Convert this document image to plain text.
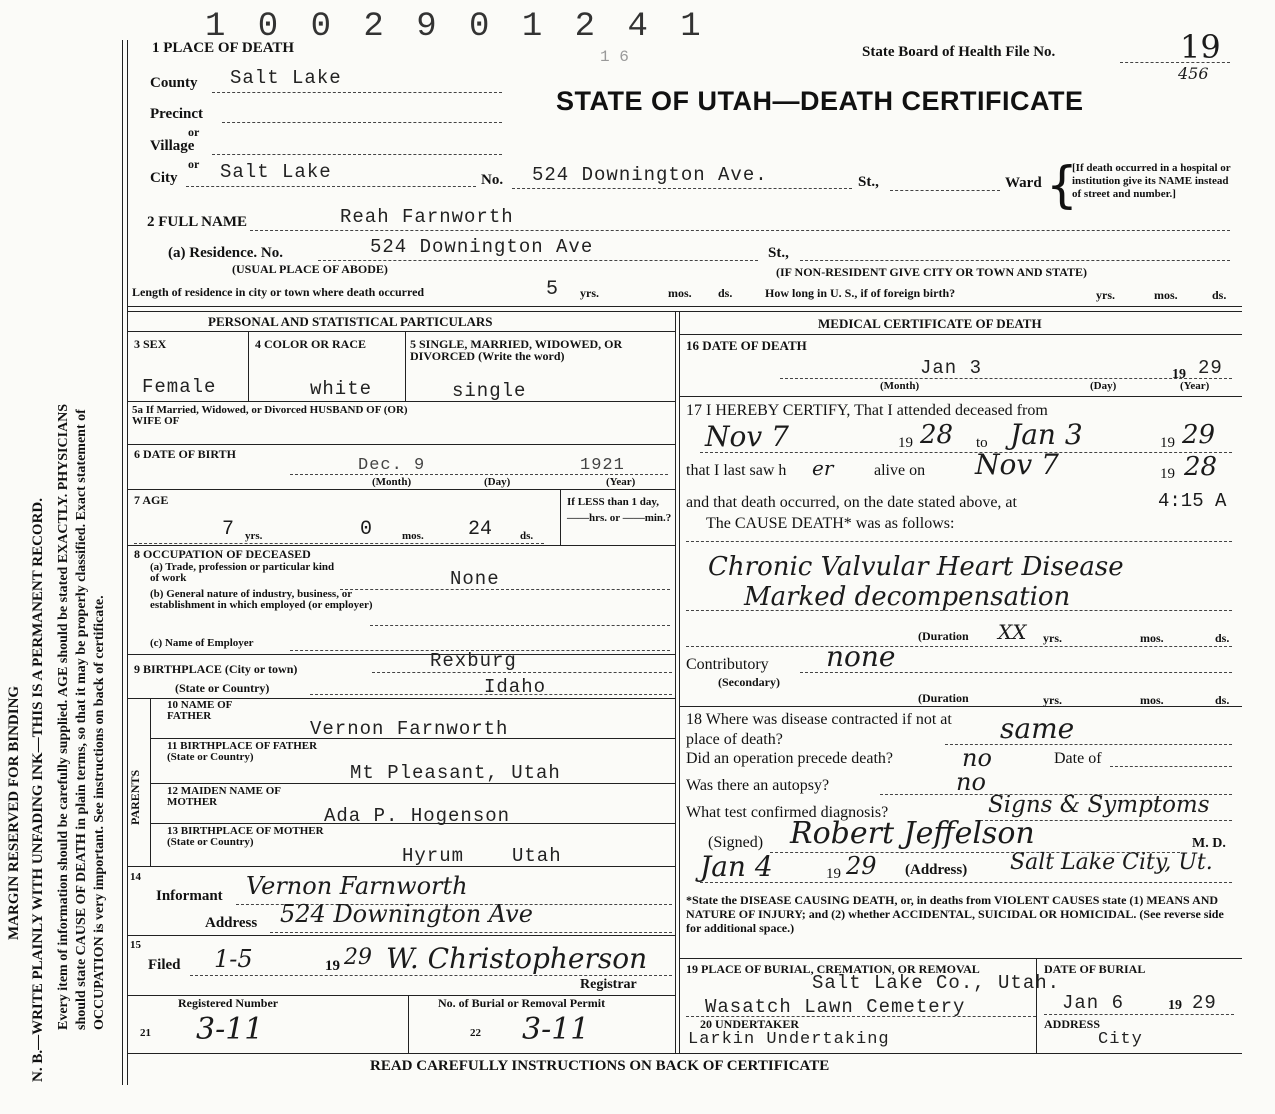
MARGIN RESERVED FOR BINDING N. B.—WRITE PLAINLY WITH UNFADING INK—THIS IS A PERMANENT RECORD. Every item of information should be carefully supplied. AGE should be stated EXACTLY. PHYSICIANS should state CAUSE OF DEATH in plain terms, so that it may be properly classified. Exact statement of OCCUPATION is very important. See instructions on back of certificate.
1 0 0 2 9 0 1 2 4 1
1 6
1 PLACE OF DEATH	State Board of Health File No.	19
456
STATE OF UTAH—DEATH CERTIFICATE
County Salt Lake
Precinct
or
Village
or
City Salt Lake	No. 524 Downington Ave.	St.,	Ward {
[If death occurred in a hospital or institution give its NAME instead of street and number.]
2 FULL NAME	Reah Farnworth
(a) Residence. No.	524 Downington Ave	St.,
(USUAL PLACE OF ABODE)	(IF NON-RESIDENT GIVE CITY OR TOWN AND STATE)
Length of residence in city or town where death occurred	5 yrs.	mos. ds.	How long in U. S., if of foreign birth?	yrs.	mos.	ds.
PERSONAL AND STATISTICAL PARTICULARS	MEDICAL CERTIFICATE OF DEATH
3 SEX	4 COLOR OR RACE	5 SINGLE, MARRIED, WIDOWED, OR DIVORCED (Write the word)
Female	white	single
5a If Married, Widowed, or Divorced HUSBAND OF (OR) WIFE OF
6 DATE OF BIRTH
Dec. 9	1921
(Month)	(Day)	(Year)
7 AGE
7 yrs.	0	mos. 24	ds.
If LESS than 1 day, ——hrs. or ——min.?
8 OCCUPATION OF DECEASED
(a) Trade, profession or particular kind of work	None
(b) General nature of industry, business, or establishment in which employed (or employer)
(c) Name of Employer
9 BIRTHPLACE (City or town)	Rexburg
(State or Country)	Idaho
PARENTS
10 NAME OF FATHER
Vernon Farnworth
11 BIRTHPLACE OF FATHER (State or Country)
Mt Pleasant, Utah
12 MAIDEN NAME OF MOTHER
Ada P. Hogenson
13 BIRTHPLACE OF MOTHER (State or Country)
Hyrum	Utah
14
Informant Vernon Farnworth
Address 524 Downington Ave
15
Filed 1-5	19 29 W. Christopherson
Registrar
Registered Number	No. of Burial or Removal Permit
21 3-11	22 3-11
16 DATE OF DEATH
Jan 3	19 29
(Month)	(Day)	(Year)
17 I HEREBY CERTIFY, That I attended deceased from
Nov 7	19 28 to Jan 3	19 29
that I last saw h er	alive on Nov 7	19 28
and that death occurred, on the date stated above, at	4:15 A
The CAUSE DEATH* was as follows:
Chronic Valvular Heart Disease
Marked decompensation
(Duration XX yrs.	mos.	ds.
Contributory
(Secondary)
none
(Duration	yrs.	mos.	ds.
18 Where was disease contracted if not at place of death?	same
Did an operation precede death?	no	Date of
Was there an autopsy?	no
What test confirmed diagnosis?	Signs & Symptoms
(Signed) Robert Jeffelson	M. D.
Jan 4	19 29 (Address) Salt Lake City, Ut.
*State the DISEASE CAUSING DEATH, or, in deaths from VIOLENT CAUSES state (1) MEANS AND NATURE OF INJURY; and (2) whether ACCIDENTAL, SUICIDAL OR HOMICIDAL. (See reverse side for additional space.)
19 PLACE OF BURIAL, CREMATION, OR REMOVAL
Salt Lake Co., Utah.
Wasatch Lawn Cemetery
DATE OF BURIAL
Jan 6	19 29
20 UNDERTAKER
Larkin Undertaking
ADDRESS
City
READ CAREFULLY INSTRUCTIONS ON BACK OF CERTIFICATE
